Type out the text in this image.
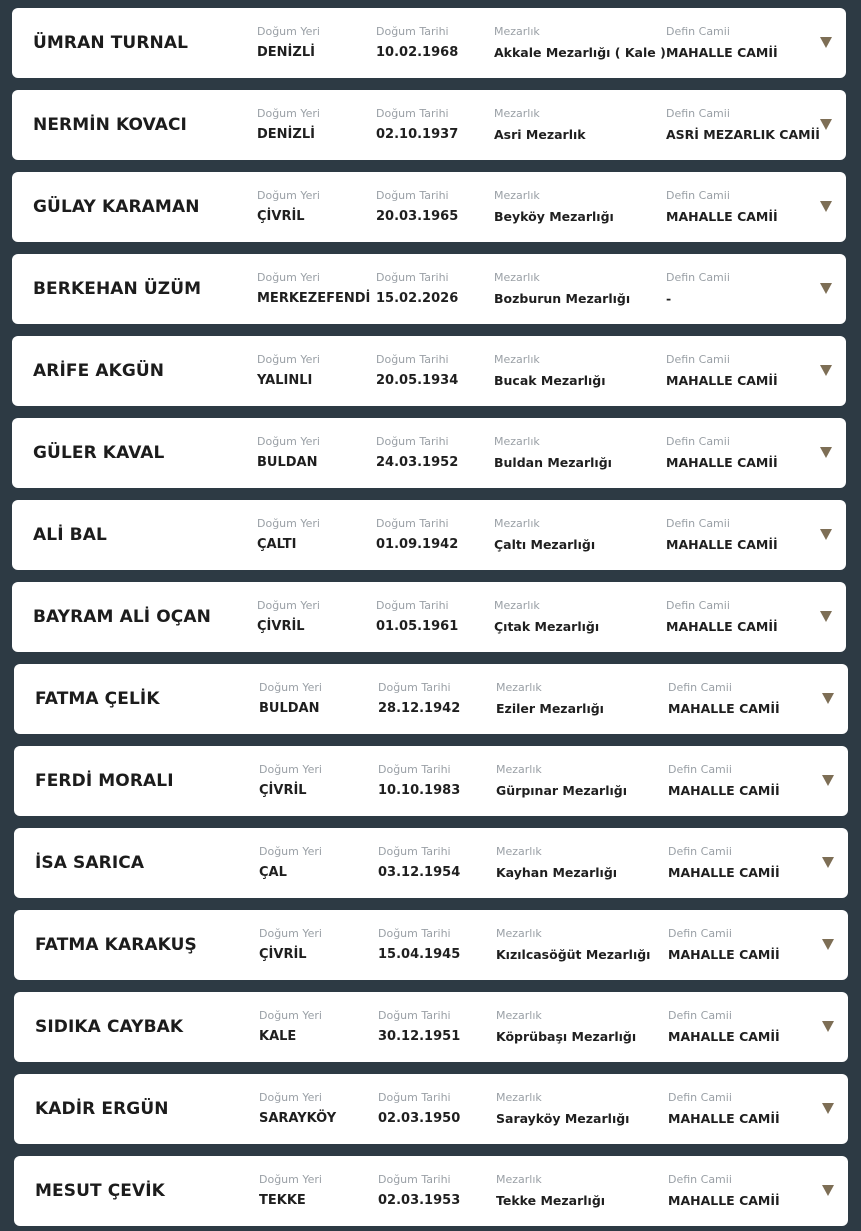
ÜMRAN TURNAL
Doğum Yeri
DENİZLİ
Doğum Tarihi
10.02.1968
Mezarlık
Akkale Mezarlığı ( Kale )
Defin Camii
MAHALLE CAMİİ
NERMİN KOVACI
Doğum Yeri
DENİZLİ
Doğum Tarihi
02.10.1937
Mezarlık
Asri Mezarlık
Defin Camii
ASRİ MEZARLIK CAMİİ
GÜLAY KARAMAN
Doğum Yeri
ÇİVRİL
Doğum Tarihi
20.03.1965
Mezarlık
Beyköy Mezarlığı
Defin Camii
MAHALLE CAMİİ
BERKEHAN ÜZÜM
Doğum Yeri
MERKEZEFENDİ
Doğum Tarihi
15.02.2026
Mezarlık
Bozburun Mezarlığı
Defin Camii
-
ARİFE AKGÜN
Doğum Yeri
YALINLI
Doğum Tarihi
20.05.1934
Mezarlık
Bucak Mezarlığı
Defin Camii
MAHALLE CAMİİ
GÜLER KAVAL
Doğum Yeri
BULDAN
Doğum Tarihi
24.03.1952
Mezarlık
Buldan Mezarlığı
Defin Camii
MAHALLE CAMİİ
ALİ BAL
Doğum Yeri
ÇALTI
Doğum Tarihi
01.09.1942
Mezarlık
Çaltı Mezarlığı
Defin Camii
MAHALLE CAMİİ
BAYRAM ALİ OÇAN
Doğum Yeri
ÇİVRİL
Doğum Tarihi
01.05.1961
Mezarlık
Çıtak Mezarlığı
Defin Camii
MAHALLE CAMİİ
FATMA ÇELİK
Doğum Yeri
BULDAN
Doğum Tarihi
28.12.1942
Mezarlık
Eziler Mezarlığı
Defin Camii
MAHALLE CAMİİ
FERDİ MORALI
Doğum Yeri
ÇİVRİL
Doğum Tarihi
10.10.1983
Mezarlık
Gürpınar Mezarlığı
Defin Camii
MAHALLE CAMİİ
İSA SARICA
Doğum Yeri
ÇAL
Doğum Tarihi
03.12.1954
Mezarlık
Kayhan Mezarlığı
Defin Camii
MAHALLE CAMİİ
FATMA KARAKUŞ
Doğum Yeri
ÇİVRİL
Doğum Tarihi
15.04.1945
Mezarlık
Kızılcasöğüt Mezarlığı
Defin Camii
MAHALLE CAMİİ
SIDIKA CAYBAK
Doğum Yeri
KALE
Doğum Tarihi
30.12.1951
Mezarlık
Köprübaşı Mezarlığı
Defin Camii
MAHALLE CAMİİ
KADİR ERGÜN
Doğum Yeri
SARAYKÖY
Doğum Tarihi
02.03.1950
Mezarlık
Sarayköy Mezarlığı
Defin Camii
MAHALLE CAMİİ
MESUT ÇEVİK
Doğum Yeri
TEKKE
Doğum Tarihi
02.03.1953
Mezarlık
Tekke Mezarlığı
Defin Camii
MAHALLE CAMİİ
